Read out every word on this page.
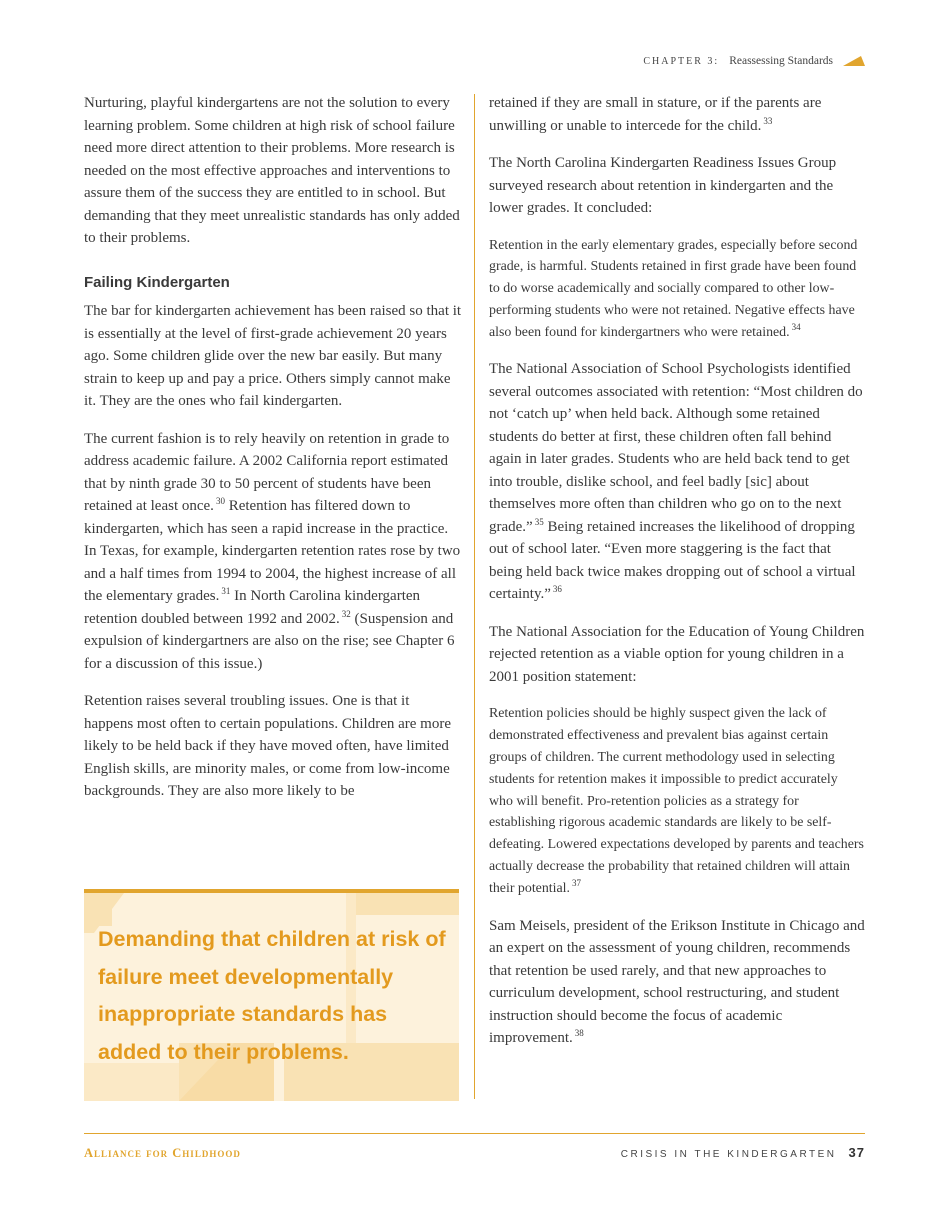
CHAPTER 3: Reassessing Standards

Nurturing, playful kindergartens are not the solution to every learning problem. Some children at high risk of school failure need more direct attention to their problems. More research is needed on the most effective approaches and interventions to assure them of the success they are entitled to in school. But demanding that they meet unrealistic standards has only added to their problems.

Failing Kindergarten

The bar for kindergarten achievement has been raised so that it is essentially at the level of first-grade achievement 20 years ago. Some children glide over the new bar easily. But many strain to keep up and pay a price. Others simply cannot make it. They are the ones who fail kindergarten.

The current fashion is to rely heavily on retention in grade to address academic failure. A 2002 California report estimated that by ninth grade 30 to 50 percent of students have been retained at least once. $^{30}$ Retention has filtered down to kindergarten, which has seen a rapid increase in the practice. In Texas, for example, kindergarten retention rates rose by two and a half times from 1994 to 2004, the highest increase of all the elementary grades. $^{31}$ In North Carolina kindergarten retention doubled between 1992 and 2002. $^{32}$ (Suspension and expulsion of kindergartners are also on the rise; see Chapter 6 for a discussion of this issue.)

Retention raises several troubling issues. One is that it happens most often to certain populations. Children are more likely to be held back if they have moved often, have limited English skills, are minority males, or come from low-income backgrounds. They are also more likely to be

Demanding that children at risk of failure meet developmentally inappropriate standards has added to their problems.

retained if they are small in stature, or if the parents are unwilling or unable to intercede for the child. $^{33}$

The North Carolina Kindergarten Readiness Issues Group surveyed research about retention in kindergarten and the lower grades. It concluded:

Retention in the early elementary grades, especially before second grade, is harmful. Students retained in first grade have been found to do worse academically and socially compared to other low-performing students who were not retained. Negative effects have also been found for kindergartners who were retained. $^{34}$

The National Association of School Psychologists identified several outcomes associated with retention: “Most children do not ‘catch up’ when held back. Although some retained students do better at first, these children often fall behind again in later grades. Students who are held back tend to get into trouble, dislike school, and feel badly [sic] about themselves more often than children who go on to the next grade.” $^{35}$ Being retained increases the likelihood of dropping out of school later. “Even more staggering is the fact that being held back twice makes dropping out of school a virtual certainty.” $^{36}$

The National Association for the Education of Young Children rejected retention as a viable option for young children in a 2001 position statement:

Retention policies should be highly suspect given the lack of demonstrated effectiveness and prevalent bias against certain groups of children. The current methodology used in selecting students for retention makes it impossible to predict accurately who will benefit. Pro-retention policies as a strategy for establishing rigorous academic standards are likely to be self-defeating. Lowered expectations developed by parents and teachers actually decrease the probability that retained children will attain their potential. $^{37}$

Sam Meisels, president of the Erikson Institute in Chicago and an expert on the assessment of young children, recommends that retention be used rarely, and that new approaches to curriculum development, school restructuring, and student instruction should become the focus of academic improvement. $^{38}$

Alliance for Childhood	CRISIS IN THE KINDERGARTEN 37
